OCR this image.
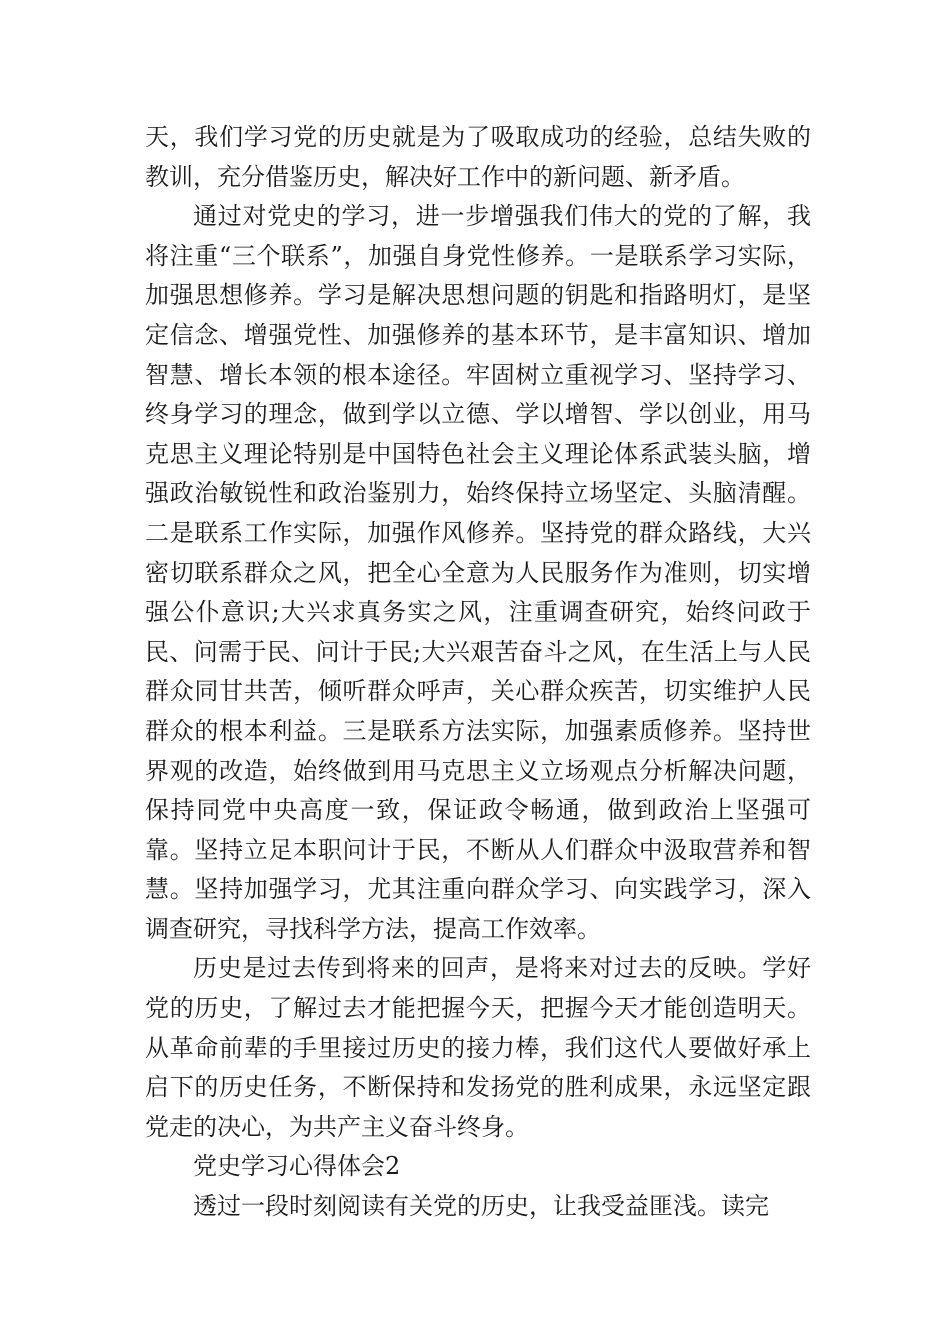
天，我们学习党的历史就是为了吸取成功的经验，总结失败的教训，充分借鉴历史，解决好工作中的新问题、新矛盾。

通过对党史的学习，进一步增强我们伟大的党的了解，我将注重“三个联系”，加强自身党性修养。一是联系学习实际，加强思想修养。学习是解决思想问题的钥匙和指路明灯，是坚定信念、增强党性、加强修养的基本环节，是丰富知识、增加智慧、增长本领的根本途径。牢固树立重视学习、坚持学习、终身学习的理念，做到学以立德、学以增智、学以创业，用马克思主义理论特别是中国特色社会主义理论体系武装头脑，增强政治敏锐性和政治鉴别力，始终保持立场坚定、头脑清醒。二是联系工作实际，加强作风修养。坚持党的群众路线，大兴密切联系群众之风，把全心全意为人民服务作为准则，切实增强公仆意识;大兴求真务实之风，注重调查研究，始终问政于民、问需于民、问计于民;大兴艰苦奋斗之风，在生活上与人民群众同甘共苦，倾听群众呼声，关心群众疾苦，切实维护人民群众的根本利益。三是联系方法实际，加强素质修养。坚持世界观的改造，始终做到用马克思主义立场观点分析解决问题，保持同党中央高度一致，保证政令畅通，做到政治上坚强可靠。坚持立足本职问计于民，不断从人们群众中汲取营养和智慧。坚持加强学习，尤其注重向群众学习、向实践学习，深入调查研究，寻找科学方法，提高工作效率。

历史是过去传到将来的回声，是将来对过去的反映。学好党的历史，了解过去才能把握今天，把握今天才能创造明天。从革命前辈的手里接过历史的接力棒，我们这代人要做好承上启下的历史任务，不断保持和发扬党的胜利成果，永远坚定跟党走的决心，为共产主义奋斗终身。

党史学习心得体会2

透过一段时刻阅读有关党的历史，让我受益匪浅。读完
